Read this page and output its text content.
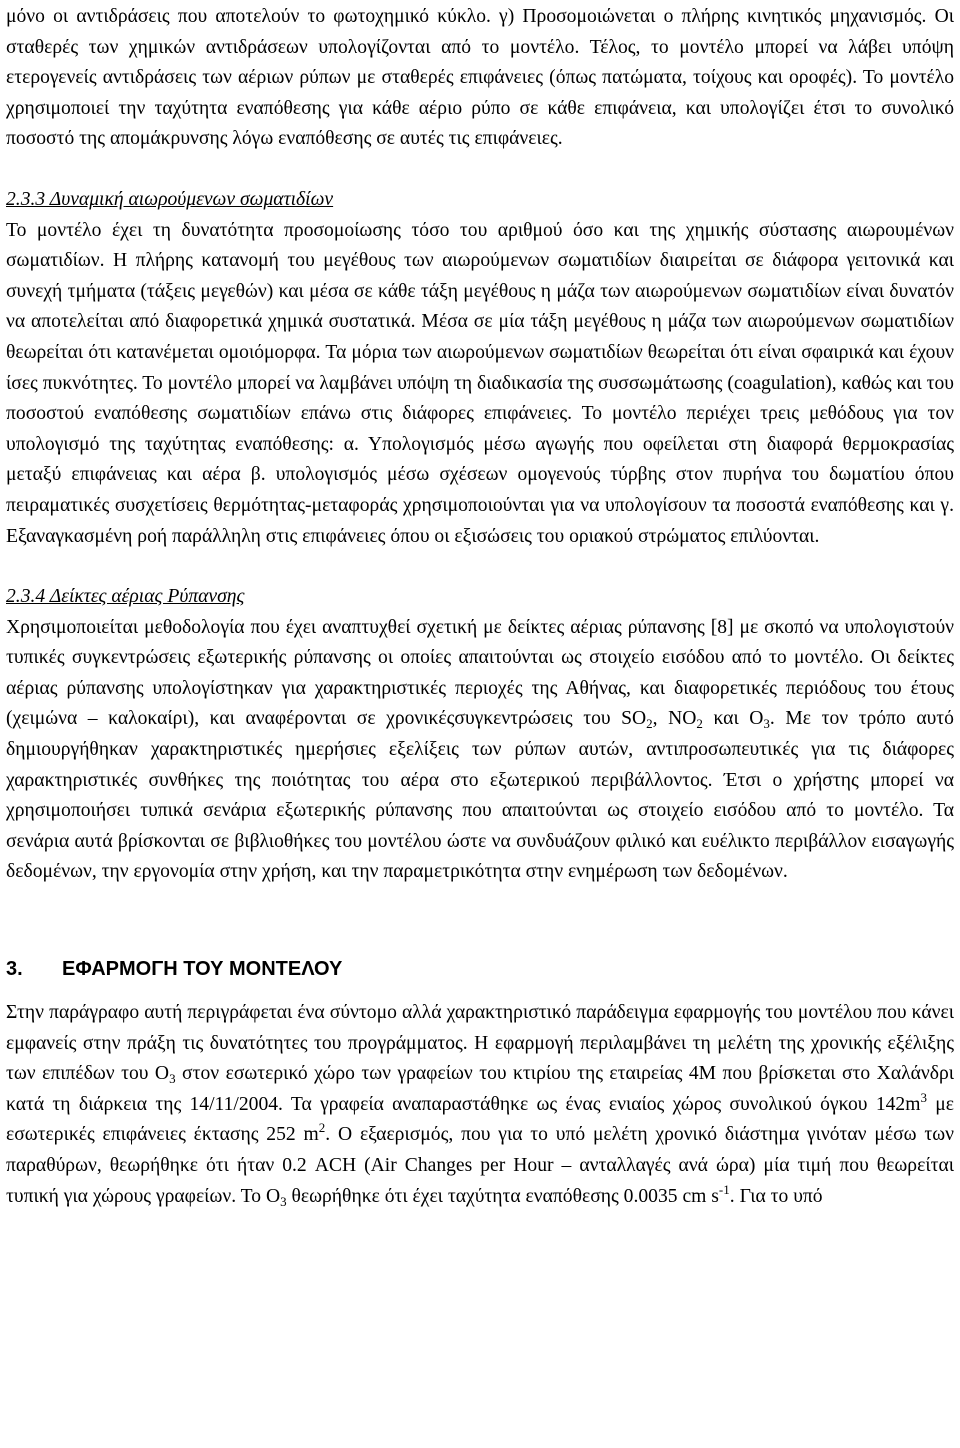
μόνο οι αντιδράσεις που αποτελούν το φωτοχημικό κύκλο. γ) Προσομοιώνεται ο πλήρης κινητικός μηχανισμός. Οι σταθερές των χημικών αντιδράσεων υπολογίζονται από το μοντέλο. Τέλος, το μοντέλο μπορεί να λάβει υπόψη ετερογενείς αντιδράσεις των αέριων ρύπων με σταθερές επιφάνειες (όπως πατώματα, τοίχους και οροφές). Το μοντέλο χρησιμοποιεί την ταχύτητα εναπόθεσης για κάθε αέριο ρύπο σε κάθε επιφάνεια, και υπολογίζει έτσι το συνολικό ποσοστό της απομάκρυνσης λόγω εναπόθεσης σε αυτές τις επιφάνειες.

2.3.3 Δυναμική αιωρούμενων σωματιδίων

Το μοντέλο έχει τη δυνατότητα προσομοίωσης τόσο του αριθμού όσο και της χημικής σύστασης αιωρουμένων σωματιδίων. Η πλήρης κατανομή του μεγέθους των αιωρούμενων σωματιδίων διαιρείται σε διάφορα γειτονικά και συνεχή τμήματα (τάξεις μεγεθών) και μέσα σε κάθε τάξη μεγέθους η μάζα των αιωρούμενων σωματιδίων είναι δυνατόν να αποτελείται από διαφορετικά χημικά συστατικά. Μέσα σε μία τάξη μεγέθους η μάζα των αιωρούμενων σωματιδίων θεωρείται ότι κατανέμεται ομοιόμορφα. Τα μόρια των αιωρούμενων σωματιδίων θεωρείται ότι είναι σφαιρικά και έχουν ίσες πυκνότητες. Το μοντέλο μπορεί να λαμβάνει υπόψη τη διαδικασία της συσσωμάτωσης (coagulation), καθώς και του ποσοστού εναπόθεσης σωματιδίων επάνω στις διάφορες επιφάνειες. Το μοντέλο περιέχει τρεις μεθόδους για τον υπολογισμό της ταχύτητας εναπόθεσης: α. Υπολογισμός μέσω αγωγής που οφείλεται στη διαφορά θερμοκρασίας μεταξύ επιφάνειας και αέρα β. υπολογισμός μέσω σχέσεων ομογενούς τύρβης στον πυρήνα του δωματίου όπου πειραματικές συσχετίσεις θερμότητας-μεταφοράς χρησιμοποιούνται για να υπολογίσουν τα ποσοστά εναπόθεσης και γ. Εξαναγκασμένη ροή παράλληλη στις επιφάνειες όπου οι εξισώσεις του οριακού στρώματος επιλύονται.

2.3.4 Δείκτες αέριας Ρύπανσης

Χρησιμοποιείται μεθοδολογία που έχει αναπτυχθεί σχετική με δείκτες αέριας ρύπανσης [8] με σκοπό να υπολογιστούν τυπικές συγκεντρώσεις εξωτερικής ρύπανσης οι οποίες απαιτούνται ως στοιχείο εισόδου από το μοντέλο. Οι δείκτες αέριας ρύπανσης υπολογίστηκαν για χαρακτηριστικές περιοχές της Αθήνας, και διαφορετικές περιόδους του έτους (χειμώνα – καλοκαίρι), και αναφέρονται σε χρονικέςσυγκεντρώσεις του $SO_2$, $NO_2$ και $O_3$. Με τον τρόπο αυτό δημιουργήθηκαν χαρακτηριστικές ημερήσιες εξελίξεις των ρύπων αυτών, αντιπροσωπευτικές για τις διάφορες χαρακτηριστικές συνθήκες της ποιότητας του αέρα στο εξωτερικού περιβάλλοντος. Έτσι ο χρήστης μπορεί να χρησιμοποιήσει τυπικά σενάρια εξωτερικής ρύπανσης που απαιτούνται ως στοιχείο εισόδου από το μοντέλο. Τα σενάρια αυτά βρίσκονται σε βιβλιοθήκες του μοντέλου ώστε να συνδυάζουν φιλικό και ευέλικτο περιβάλλον εισαγωγής δεδομένων, την εργονομία στην χρήση, και την παραμετρικότητα στην ενημέρωση των δεδομένων.

3. ΕΦΑΡΜΟΓΗ ΤΟΥ ΜΟΝΤΕΛΟΥ

Στην παράγραφο αυτή περιγράφεται ένα σύντομο αλλά χαρακτηριστικό παράδειγμα εφαρμογής του μοντέλου που κάνει εμφανείς στην πράξη τις δυνατότητες του προγράμματος. Η εφαρμογή περιλαμβάνει τη μελέτη της χρονικής εξέλιξης των επιπέδων του $O_3$ στον εσωτερικό χώρο των γραφείων του κτιρίου της εταιρείας 4M που βρίσκεται στο Χαλάνδρι κατά τη διάρκεια της 14/11/2004. Τα γραφεία αναπαραστάθηκε ως ένας ενιαίος χώρος συνολικού όγκου $142m^3$ με εσωτερικές επιφάνειες έκτασης 252 $m^2$. Ο εξαερισμός, που για το υπό μελέτη χρονικό διάστημα γινόταν μέσω των παραθύρων, θεωρήθηκε ότι ήταν 0.2 ACH (Air Changes per Hour – ανταλλαγές ανά ώρα) μία τιμή που θεωρείται τυπική για χώρους γραφείων. Το $O_3$ θεωρήθηκε ότι έχει ταχύτητα εναπόθεσης 0.0035 cm $s^{-1}$. Για το υπό
